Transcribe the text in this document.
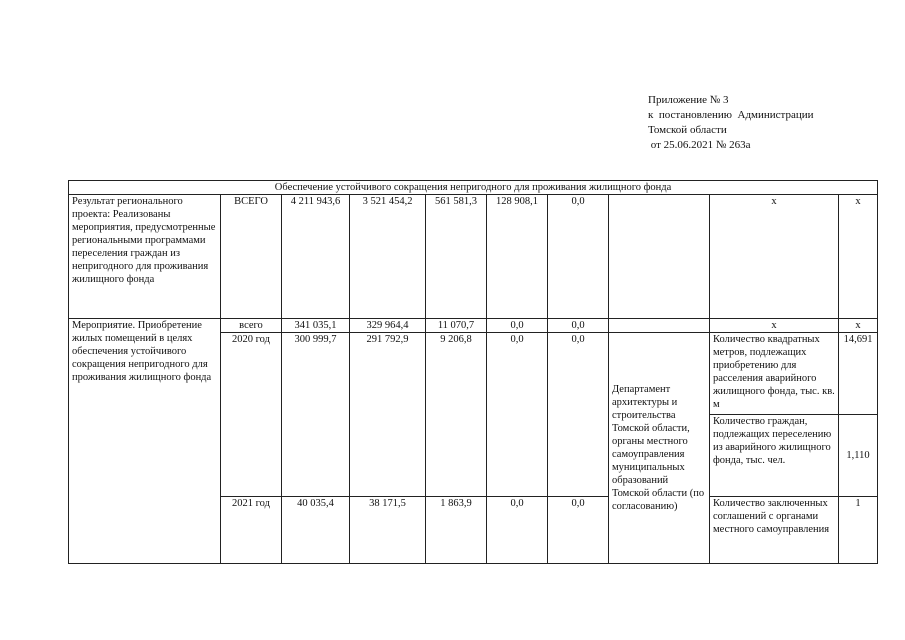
Приложение № 3
к  постановлению  Администрации
Томской области
от 25.06.2021 № 263а
Обеспечение устойчивого сокращения непригодного для проживания жилищного фонда									
Результат регионального проекта: Реализованы мероприятия, предусмотренные региональными программами переселения граждан из непригодного для проживания жилищного фонда	ВСЕГО	4 211 943,6	3 521 454,2	561 581,3	128 908,1	0,0		x	x
Мероприятие. Приобретение жилых помещений в целях обеспечения устойчивого сокращения непригодного для проживания жилищного фонда	всего	341 035,1	329 964,4	11 070,7	0,0	0,0		x	x
	2020 год	300 999,7	291 792,9	9 206,8	0,0	0,0	Департамент архитектуры и строительства Томской области, органы местного самоуправления муниципальных образований Томской области (по согласованию)	Количество квадратных метров, подлежащих приобретению для расселения аварийного жилищного фонда, тыс. кв. м	14,691
								Количество граждан, подлежащих переселению из аварийного жилищного фонда, тыс. чел.	1,110
	2021 год	40 035,4	38 171,5	1 863,9	0,0	0,0		Количество заключенных соглашений с органами местного самоуправления	1
